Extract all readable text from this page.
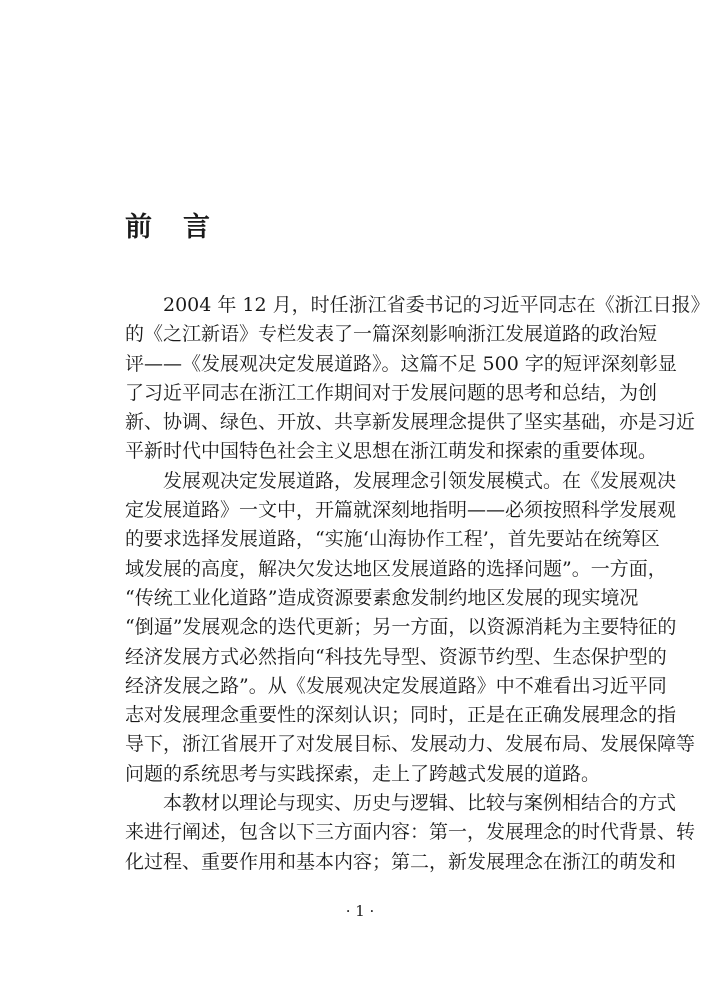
前　言
2004 年 12 月，时任浙江省委书记的习近平同志在《浙江日报》
的《之江新语》专栏发表了一篇深刻影响浙江发展道路的政治短
评——《发展观决定发展道路》。这篇不足 500 字的短评深刻彰显
了习近平同志在浙江工作期间对于发展问题的思考和总结，为创
新、协调、绿色、开放、共享新发展理念提供了坚实基础，亦是习近
平新时代中国特色社会主义思想在浙江萌发和探索的重要体现。
发展观决定发展道路，发展理念引领发展模式。在《发展观决
定发展道路》一文中，开篇就深刻地指明——必须按照科学发展观
的要求选择发展道路，“实施‘山海协作工程’，首先要站在统筹区
域发展的高度，解决欠发达地区发展道路的选择问题”。一方面，
“传统工业化道路”造成资源要素愈发制约地区发展的现实境况
“倒逼”发展观念的迭代更新；另一方面，以资源消耗为主要特征的
经济发展方式必然指向“科技先导型、资源节约型、生态保护型的
经济发展之路”。从《发展观决定发展道路》中不难看出习近平同
志对发展理念重要性的深刻认识；同时，正是在正确发展理念的指
导下，浙江省展开了对发展目标、发展动力、发展布局、发展保障等
问题的系统思考与实践探索，走上了跨越式发展的道路。
本教材以理论与现实、历史与逻辑、比较与案例相结合的方式
来进行阐述，包含以下三方面内容：第一，发展理念的时代背景、转
化过程、重要作用和基本内容；第二，新发展理念在浙江的萌发和
· 1 ·
